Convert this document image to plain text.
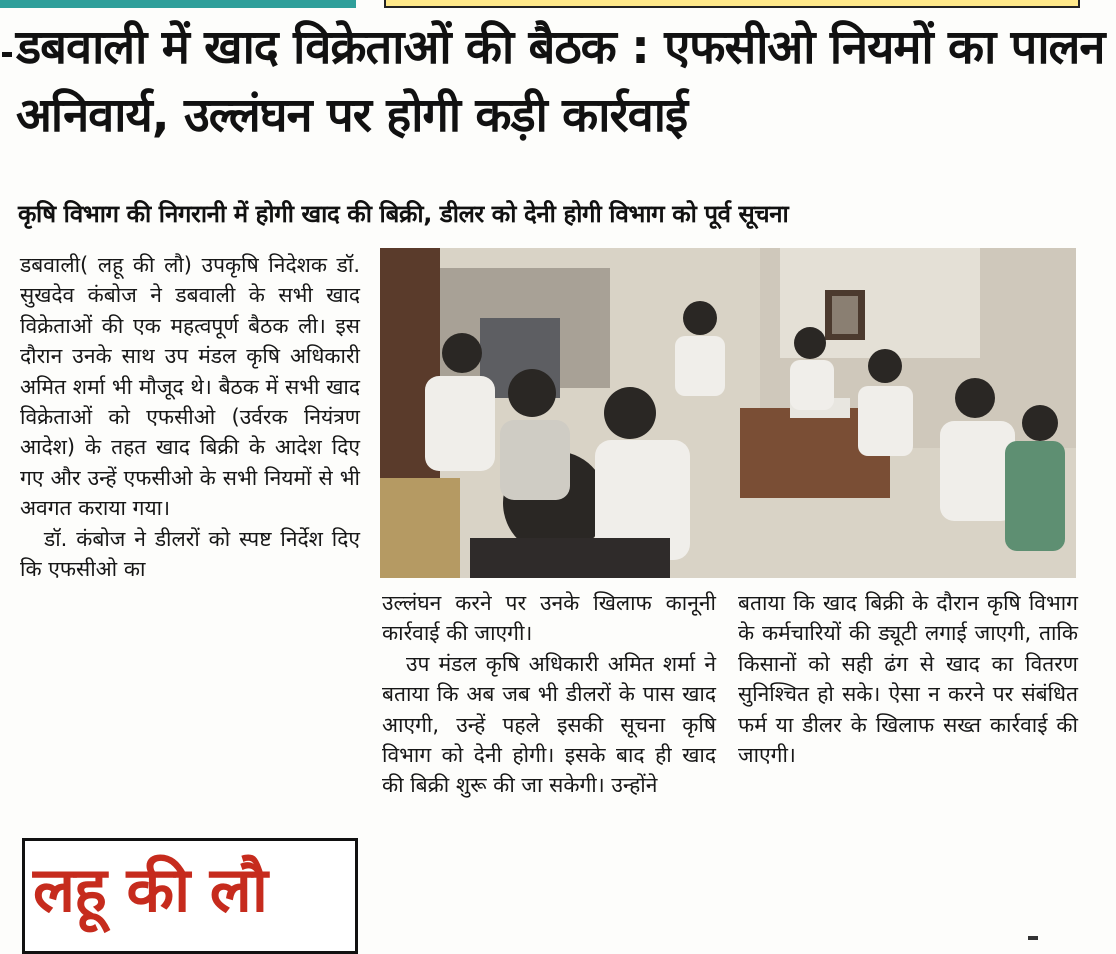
डबवाली में खाद विक्रेताओं की बैठक : एफसीओ नियमों का पालन अनिवार्य, उल्लंघन पर होगी कड़ी कार्रवाई
कृषि विभाग की निगरानी में होगी खाद की बिक्री, डीलर को देनी होगी विभाग को पूर्व सूचना

डबवाली( लहू की लौ) उपकृषि निदेशक डॉ. सुखदेव कंबोज ने डबवाली के सभी खाद विक्रेताओं की एक महत्वपूर्ण बैठक ली। इस दौरान उनके साथ उप मंडल कृषि अधिकारी अमित शर्मा भी मौजूद थे। बैठक में सभी खाद विक्रेताओं को एफसीओ (उर्वरक नियंत्रण आदेश) के तहत खाद बिक्री के आदेश दिए गए और उन्हें एफसीओ के सभी नियमों से भी अवगत कराया गया।

डॉ. कंबोज ने डीलरों को स्पष्ट निर्देश दिए कि एफसीओ का

उल्लंघन करने पर उनके खिलाफ कानूनी कार्रवाई की जाएगी।

उप मंडल कृषि अधिकारी अमित शर्मा ने बताया कि अब जब भी डीलरों के पास खाद आएगी, उन्हें पहले इसकी सूचना कृषि विभाग को देनी होगी। इसके बाद ही खाद की बिक्री शुरू की जा सकेगी। उन्होंने

बताया कि खाद बिक्री के दौरान कृषि विभाग के कर्मचारियों की ड्यूटी लगाई जाएगी, ताकि किसानों को सही ढंग से खाद का वितरण सुनिश्चित हो सके। ऐसा न करने पर संबंधित फर्म या डीलर के खिलाफ सख्त कार्रवाई की जाएगी।

लहू की लौ
